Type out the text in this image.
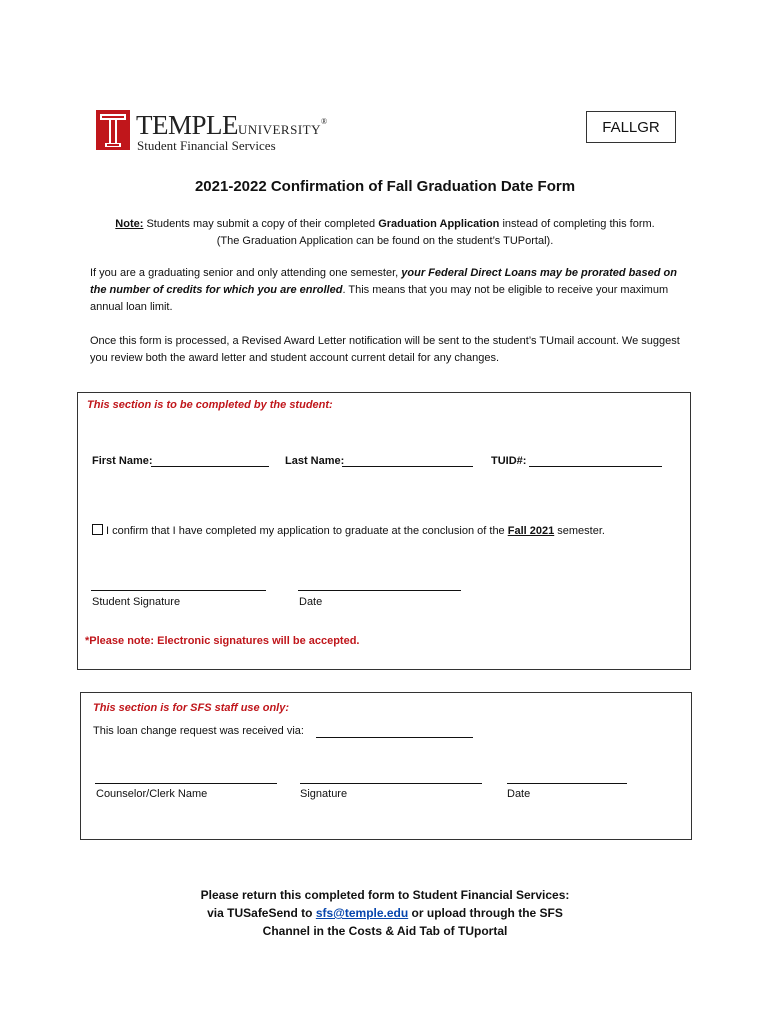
TEMPLEUNIVERSITY®
Student Financial Services
FALLGR
2021-2022 Confirmation of Fall Graduation Date Form
Note: Students may submit a copy of their completed Graduation Application instead of completing this form.
(The Graduation Application can be found on the student’s TUPortal).
If you are a graduating senior and only attending one semester, your Federal Direct Loans may be prorated based on the number of credits for which you are enrolled. This means that you may not be eligible to receive your maximum annual loan limit.
Once this form is processed, a Revised Award Letter notification will be sent to the student’s TUmail account. We suggest you review both the award letter and student account current detail for any changes.
This section is to be completed by the student:
First Name:	Last Name:	TUID#:
I confirm that I have completed my application to graduate at the conclusion of the Fall 2021 semester.
Student Signature	Date
*Please note: Electronic signatures will be accepted.
This section is for SFS staff use only:
This loan change request was received via:
Counselor/Clerk Name	Signature	Date
Please return this completed form to Student Financial Services:
via TUSafeSend to sfs@temple.edu or upload through the SFS
Channel in the Costs & Aid Tab of TUportal
